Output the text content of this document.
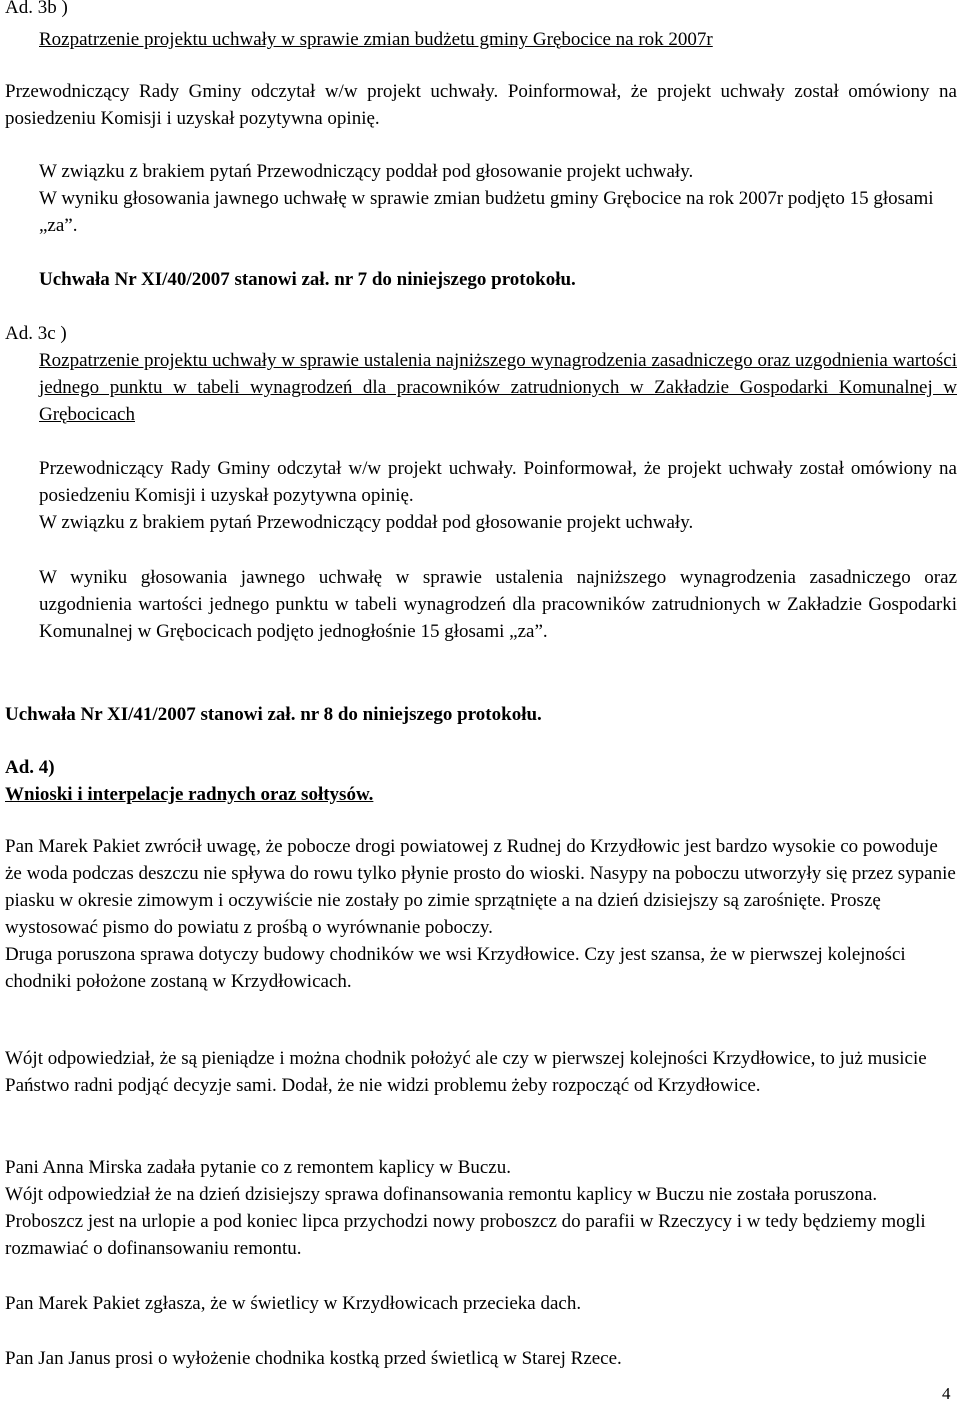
Ad. 3b )
Rozpatrzenie projektu uchwały w sprawie zmian budżetu gminy Grębocice na rok 2007r
Przewodniczący Rady Gminy odczytał w/w projekt uchwały. Poinformował, że projekt uchwały został omówiony na posiedzeniu Komisji i uzyskał pozytywna opinię.
W związku z brakiem pytań Przewodniczący poddał pod głosowanie projekt uchwały.
W wyniku głosowania jawnego uchwałę w sprawie zmian budżetu gminy Grębocice na rok 2007r podjęto 15 głosami „za”.
Uchwała Nr XI/40/2007 stanowi zał. nr 7 do niniejszego protokołu.
Ad. 3c )
Rozpatrzenie projektu uchwały w sprawie ustalenia najniższego wynagrodzenia zasadniczego oraz uzgodnienia wartości jednego punktu w tabeli wynagrodzeń dla pracowników zatrudnionych w Zakładzie Gospodarki Komunalnej w Grębocicach
Przewodniczący Rady Gminy odczytał w/w projekt uchwały. Poinformował, że projekt uchwały został omówiony na posiedzeniu Komisji i uzyskał pozytywna opinię.
W związku z brakiem pytań Przewodniczący poddał pod głosowanie projekt uchwały.
W wyniku głosowania jawnego uchwałę w sprawie ustalenia najniższego wynagrodzenia zasadniczego oraz uzgodnienia wartości jednego punktu w tabeli wynagrodzeń dla pracowników zatrudnionych w Zakładzie Gospodarki Komunalnej w Grębocicach podjęto jednogłośnie 15 głosami „za”.
Uchwała Nr XI/41/2007 stanowi zał. nr 8 do niniejszego protokołu.
Ad. 4)
Wnioski i interpelacje radnych oraz sołtysów.
Pan Marek Pakiet zwrócił uwagę, że pobocze drogi powiatowej z Rudnej do Krzydłowic jest bardzo wysokie co powoduje że woda podczas deszczu nie spływa do rowu tylko płynie prosto do wioski. Nasypy na poboczu utworzyły się przez sypanie piasku w okresie zimowym i oczywiście nie zostały po zimie sprzątnięte a na dzień dzisiejszy są zarośnięte. Proszę wystosować pismo do powiatu z prośbą o wyrównanie poboczy.
Druga poruszona sprawa dotyczy budowy chodników we wsi Krzydłowice. Czy jest szansa, że w pierwszej kolejności chodniki położone zostaną w Krzydłowicach.
Wójt odpowiedział, że są pieniądze i można chodnik położyć ale czy w pierwszej kolejności Krzydłowice, to już musicie Państwo radni podjąć decyzje sami. Dodał, że nie widzi problemu żeby rozpocząć od Krzydłowice.
Pani Anna Mirska zadała pytanie co z remontem kaplicy w Buczu.
Wójt odpowiedział że na dzień dzisiejszy sprawa dofinansowania remontu kaplicy w Buczu nie została poruszona. Proboszcz jest na urlopie a pod koniec lipca przychodzi nowy proboszcz do parafii w Rzeczycy i w tedy będziemy mogli rozmawiać o dofinansowaniu remontu.
Pan Marek Pakiet zgłasza, że w świetlicy w Krzydłowicach przecieka dach.
Pan Jan Janus prosi o wyłożenie chodnika kostką przed świetlicą w Starej Rzece.
4
